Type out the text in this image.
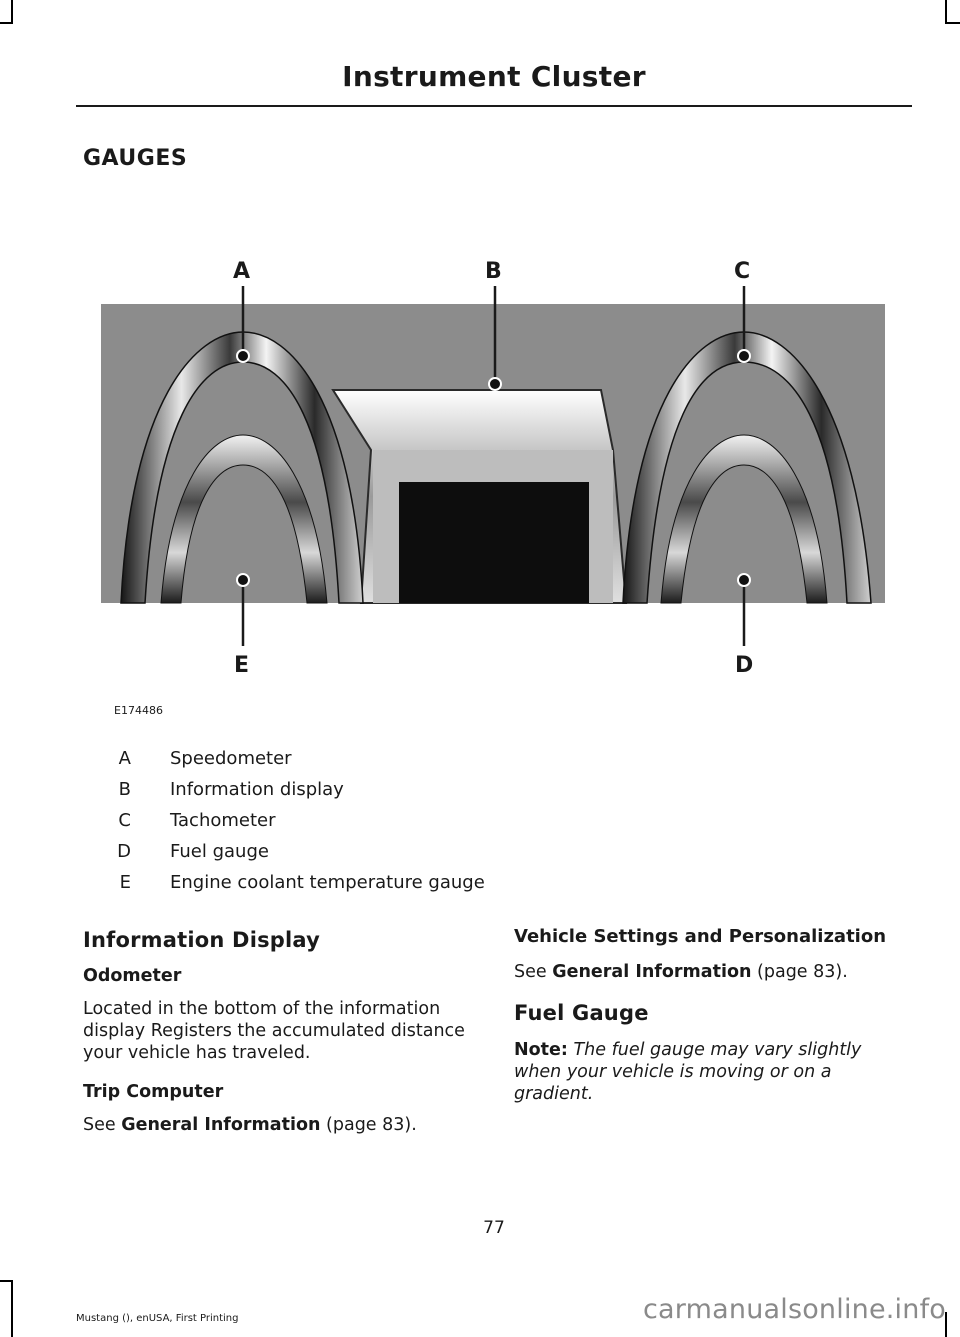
Instrument Cluster
GAUGES
A	B	C
D
E
E174486
A Speedometer
B Information display
C Tachometer
D Fuel gauge
E Engine coolant temperature gauge
Information Display
Odometer

Located in the bottom of the information display Registers the accumulated distance your vehicle has traveled.

Trip Computer

See General Information (page 83).

Vehicle Settings and Personalization

See General Information (page 83).

Fuel Gauge

Note: The fuel gauge may vary slightly when your vehicle is moving or on a gradient.

77
Mustang (), enUSA, First Printing	carmanualsonline.info
